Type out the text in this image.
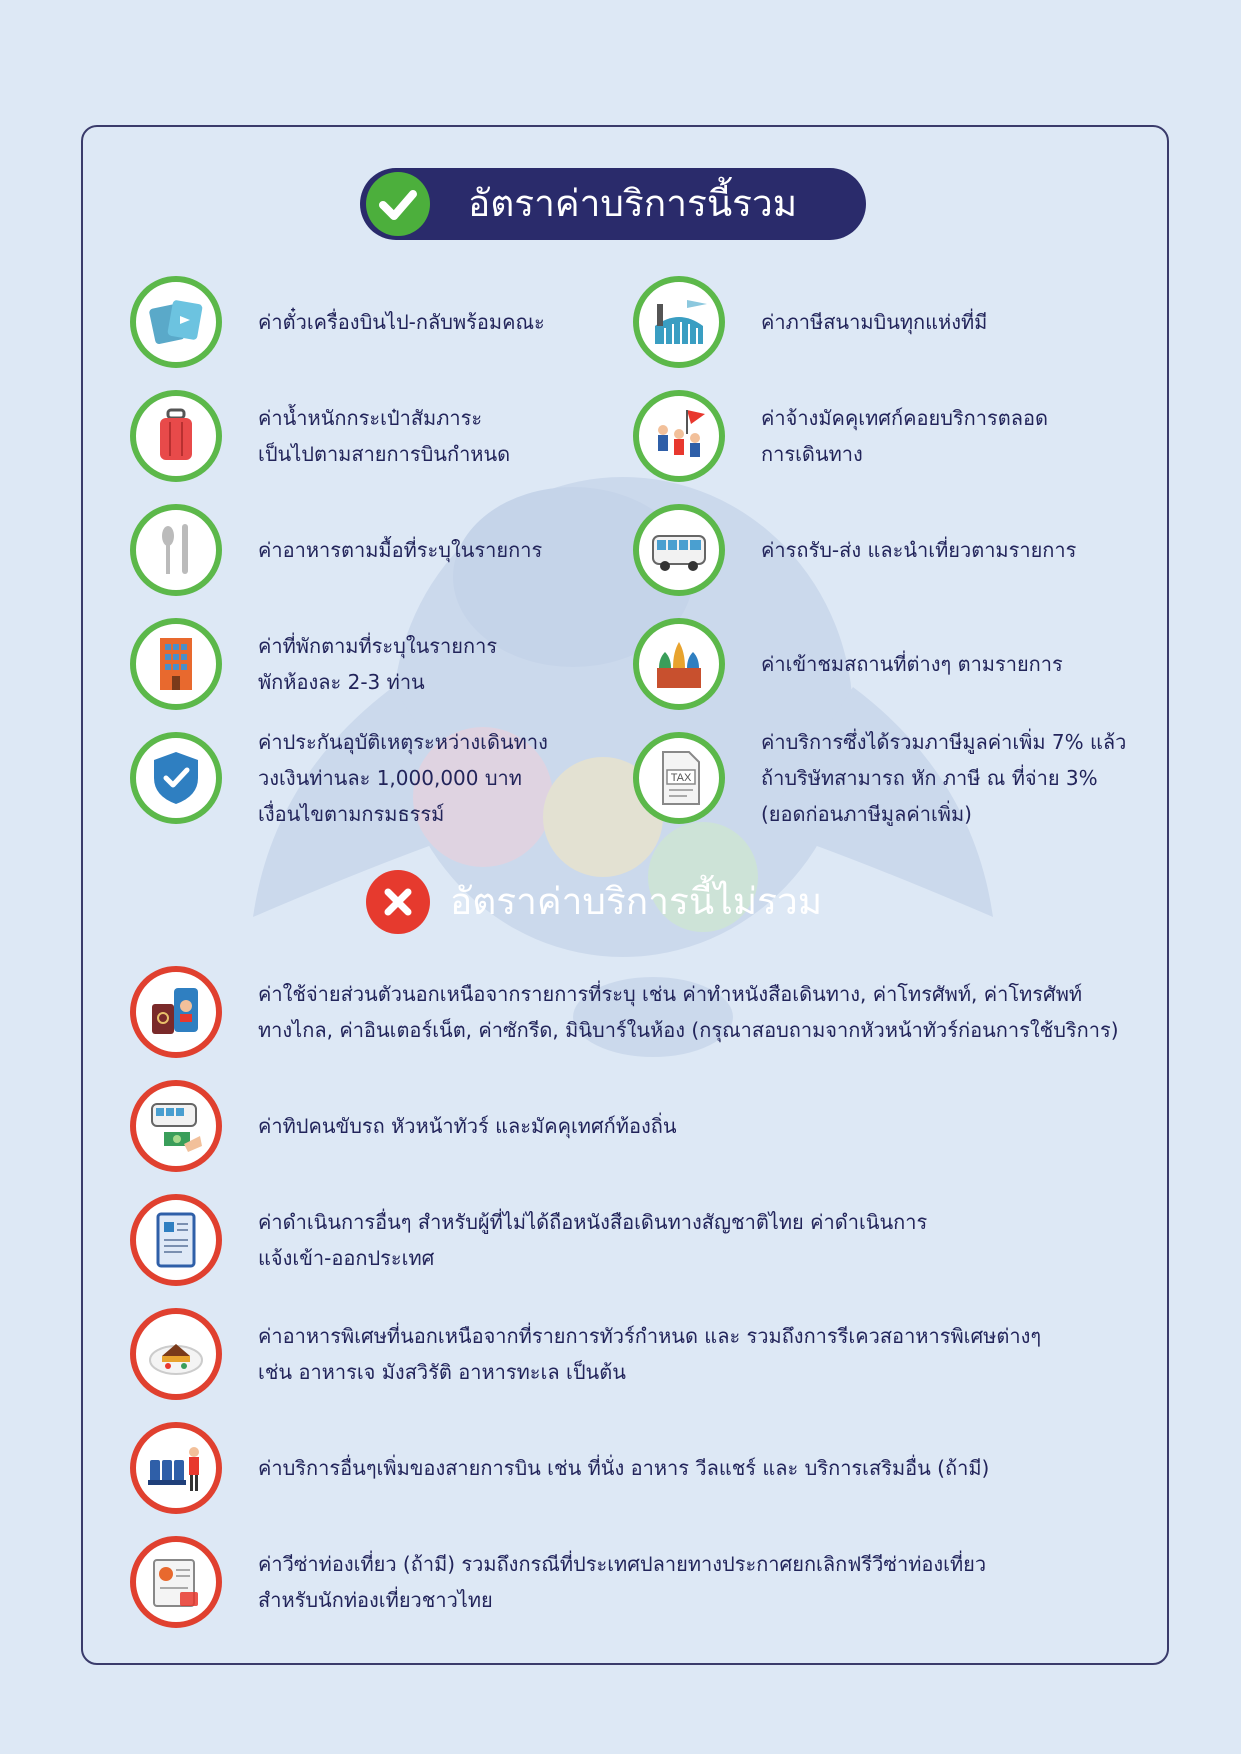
อัตราค่าบริการนี้รวม
ค่าตั๋วเครื่องบินไป-กลับพร้อมคณะ
ค่าน้ำหนักกระเป๋าสัมภาระ
เป็นไปตามสายการบินกำหนด
ค่าอาหารตามมื้อที่ระบุในรายการ
ค่าที่พักตามที่ระบุในรายการ
พักห้องละ 2-3 ท่าน
ค่าประกันอุบัติเหตุระหว่างเดินทาง
วงเงินท่านละ 1,000,000 บาท
เงื่อนไขตามกรมธรรม์
ค่าภาษีสนามบินทุกแห่งที่มี
ค่าจ้างมัคคุเทศก์คอยบริการตลอด
การเดินทาง
ค่ารถรับ-ส่ง และนำเที่ยวตามรายการ
ค่าเข้าชมสถานที่ต่างๆ ตามรายการ
TAX
ค่าบริการซึ่งได้รวมภาษีมูลค่าเพิ่ม 7% แล้ว
ถ้าบริษัทสามารถ หัก ภาษี ณ ที่จ่าย 3%
(ยอดก่อนภาษีมูลค่าเพิ่ม)
อัตราค่าบริการนี้ไม่รวม
ค่าใช้จ่ายส่วนตัวนอกเหนือจากรายการที่ระบุ เช่น ค่าทำหนังสือเดินทาง, ค่าโทรศัพท์, ค่าโทรศัพท์
ทางไกล, ค่าอินเตอร์เน็ต, ค่าซักรีด, มินิบาร์ในห้อง (กรุณาสอบถามจากหัวหน้าทัวร์ก่อนการใช้บริการ)
ค่าทิปคนขับรถ หัวหน้าทัวร์ และมัคคุเทศก์ท้องถิ่น
ค่าดำเนินการอื่นๆ สำหรับผู้ที่ไม่ได้ถือหนังสือเดินทางสัญชาติไทย ค่าดำเนินการ
แจ้งเข้า-ออกประเทศ
ค่าอาหารพิเศษที่นอกเหนือจากที่รายการทัวร์กำหนด และ รวมถึงการรีเควสอาหารพิเศษต่างๆ
เช่น อาหารเจ มังสวิรัติ อาหารทะเล เป็นต้น
ค่าบริการอื่นๆเพิ่มของสายการบิน เช่น ที่นั่ง อาหาร วีลแชร์ และ บริการเสริมอื่น (ถ้ามี)
ค่าวีซ่าท่องเที่ยว (ถ้ามี) รวมถึงกรณีที่ประเทศปลายทางประกาศยกเลิกฟรีวีซ่าท่องเที่ยว
สำหรับนักท่องเที่ยวชาวไทย
